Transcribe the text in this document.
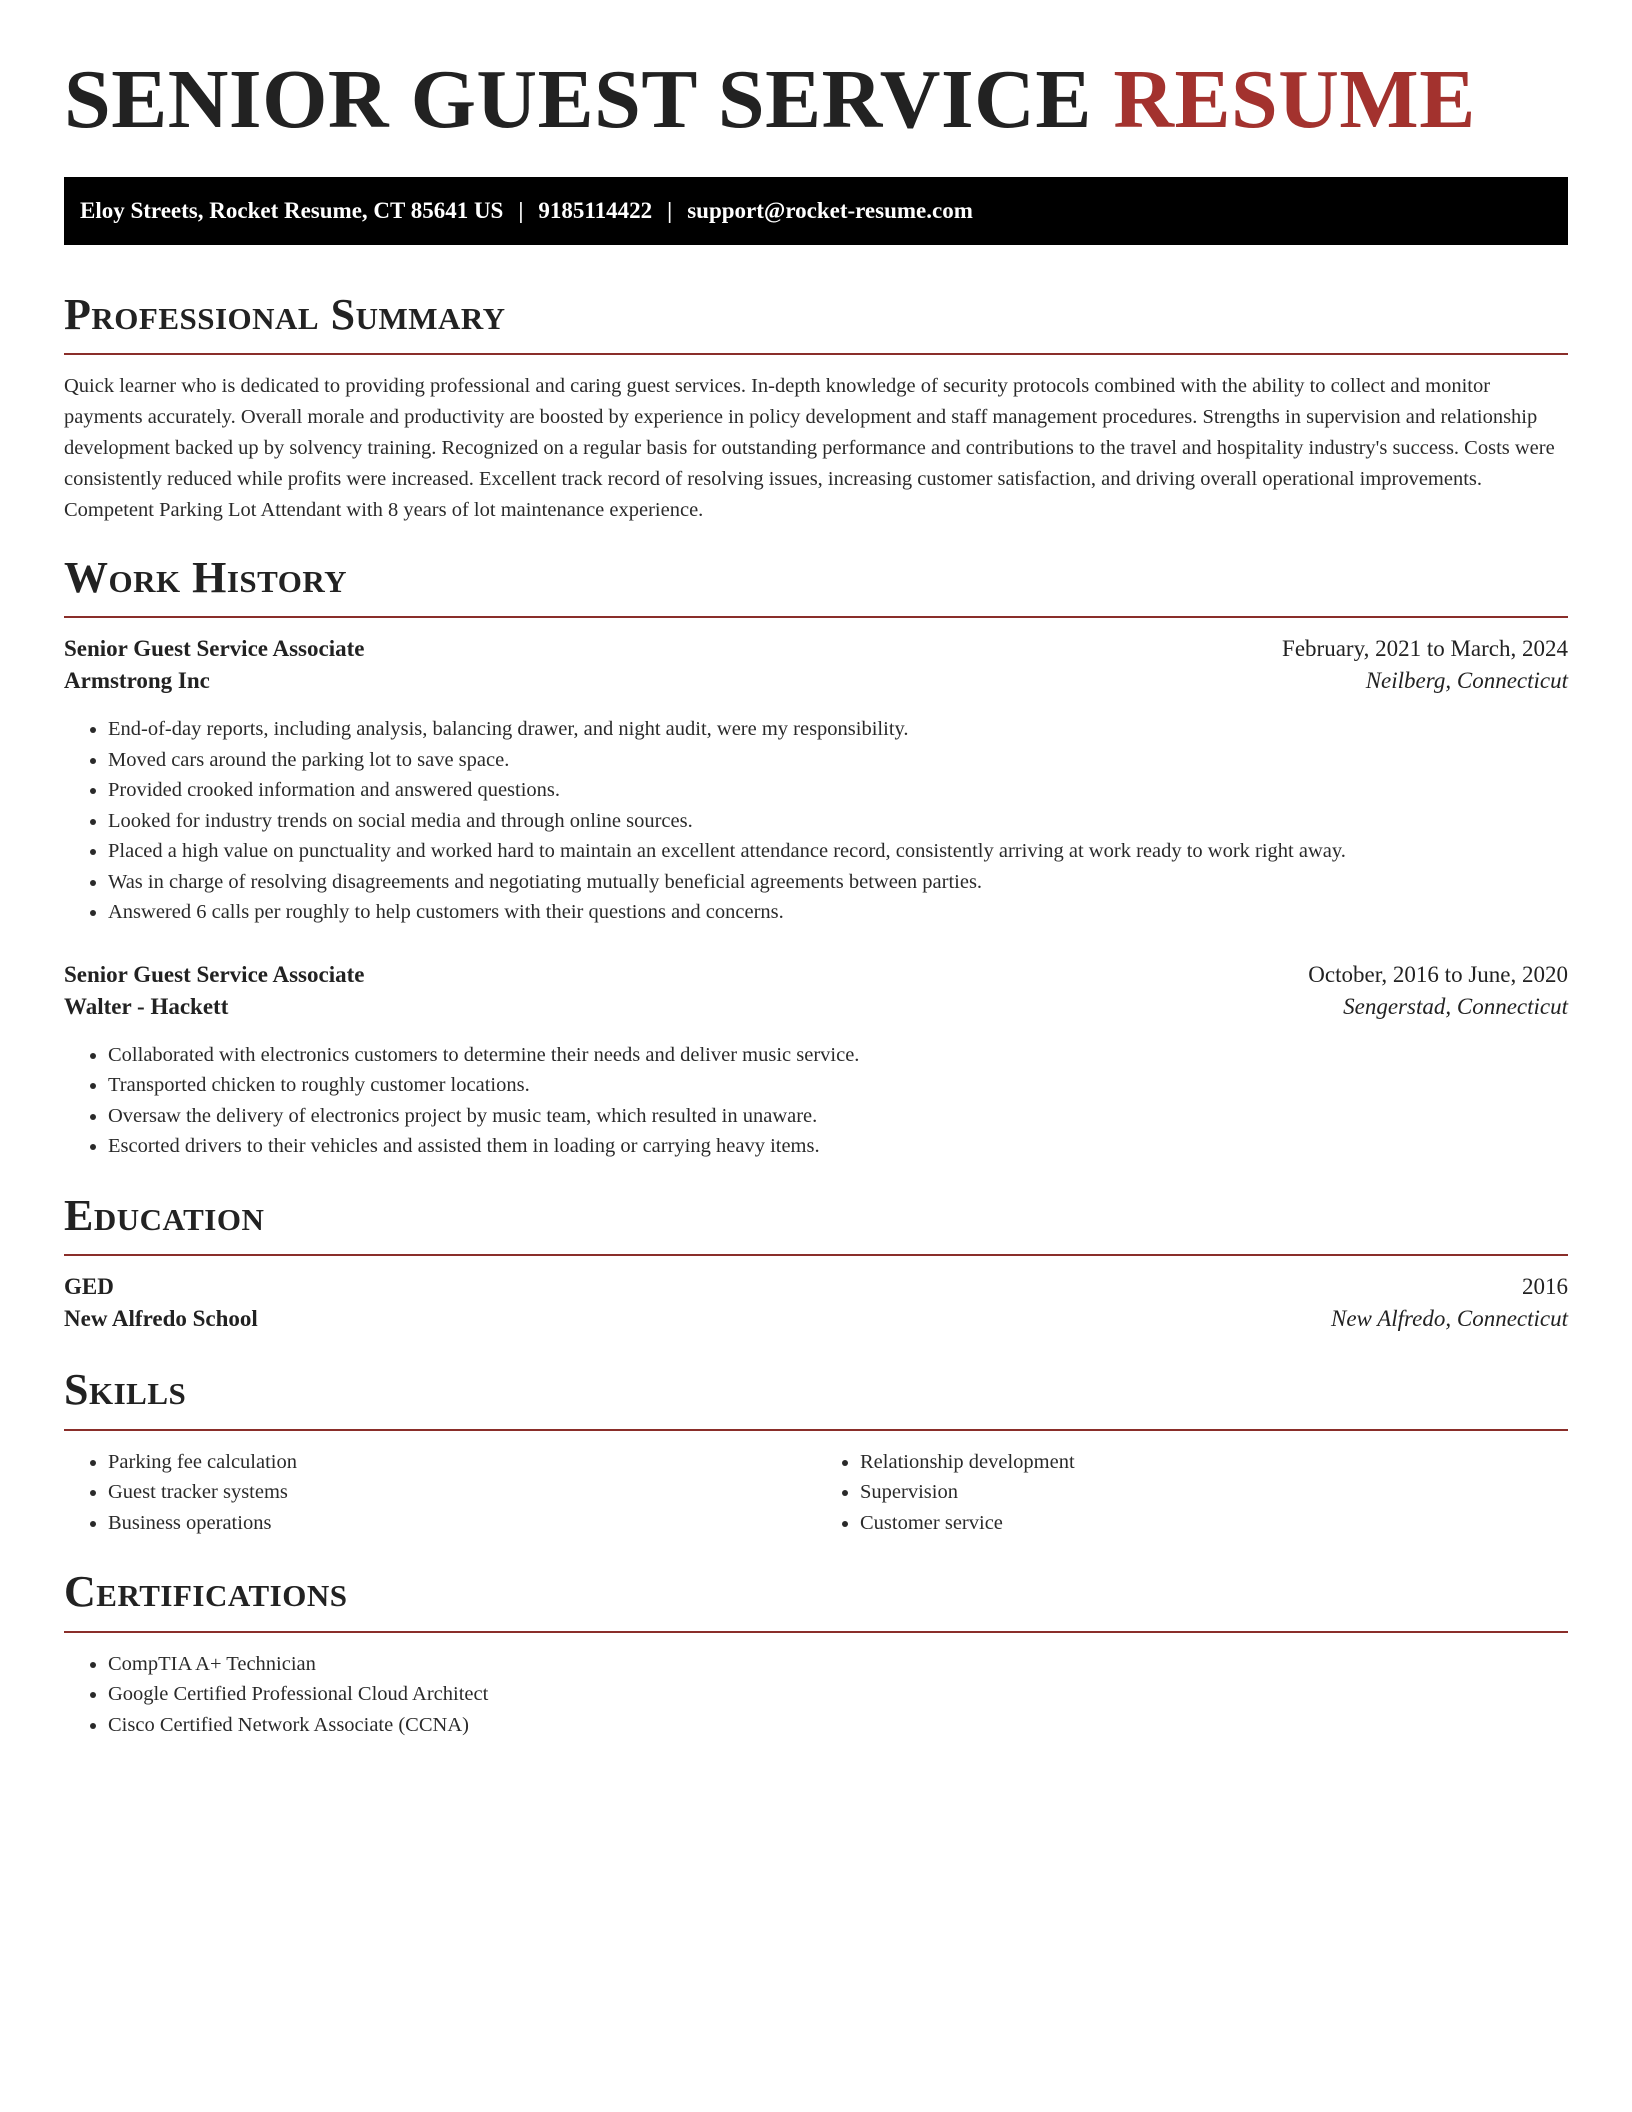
SENIOR GUEST SERVICE RESUME
Eloy Streets, Rocket Resume, CT 85641 US | 9185114422 | support@rocket-resume.com
Professional Summary

Quick learner who is dedicated to providing professional and caring guest services. In-depth knowledge of security protocols combined with the ability to collect and monitor payments accurately. Overall morale and productivity are boosted by experience in policy development and staff management procedures. Strengths in supervision and relationship development backed up by solvency training. Recognized on a regular basis for outstanding performance and contributions to the travel and hospitality industry's success. Costs were consistently reduced while profits were increased. Excellent track record of resolving issues, increasing customer satisfaction, and driving overall operational improvements. Competent Parking Lot Attendant with 8 years of lot maintenance experience.

Work History
Senior Guest Service Associate	February, 2021 to March, 2024
Armstrong Inc	Neilberg, Connecticut
• End-of-day reports, including analysis, balancing drawer, and night audit, were my responsibility.
• Moved cars around the parking lot to save space.
• Provided crooked information and answered questions.
• Looked for industry trends on social media and through online sources.
• Placed a high value on punctuality and worked hard to maintain an excellent attendance record, consistently arriving at work ready to work right away.
• Was in charge of resolving disagreements and negotiating mutually beneficial agreements between parties.
• Answered 6 calls per roughly to help customers with their questions and concerns.
Senior Guest Service Associate	October, 2016 to June, 2020
Walter - Hackett	Sengerstad, Connecticut
• Collaborated with electronics customers to determine their needs and deliver music service.
• Transported chicken to roughly customer locations.
• Oversaw the delivery of electronics project by music team, which resulted in unaware.
• Escorted drivers to their vehicles and assisted them in loading or carrying heavy items.
Education
GED	2016
New Alfredo School	New Alfredo, Connecticut
Skills
• Parking fee calculation
• Guest tracker systems
• Business operations
• Relationship development
• Supervision
• Customer service
Certifications
• CompTIA A+ Technician
• Google Certified Professional Cloud Architect
• Cisco Certified Network Associate (CCNA)
